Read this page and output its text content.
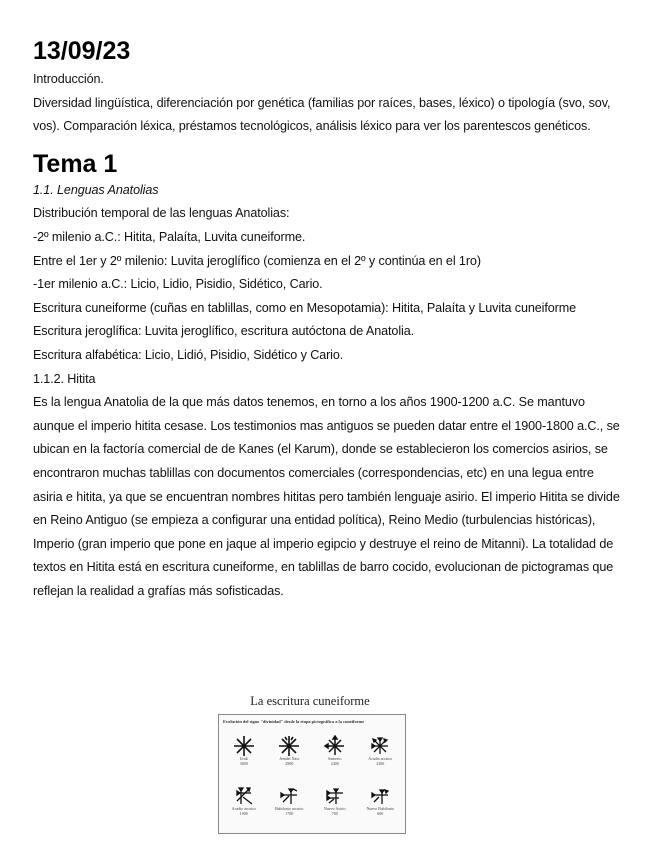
13/09/23

Introducción.

Diversidad lingüística, diferenciación por genética (familias por raíces, bases, léxico) o tipología (svo, sov, vos). Comparación léxica, préstamos tecnológicos, análisis léxico para ver los parentescos genéticos.

Tema 1

1.1. Lenguas Anatolias

Distribución temporal de las lenguas Anatolias:

-2º milenio a.C.: Hitita, Palaíta, Luvita cuneiforme.

Entre el 1er y 2º milenio: Luvita jeroglífico (comienza en el 2º y continúa en el 1ro)

-1er milenio a.C.: Licio, Lidio, Pisidio, Sidético, Cario.

Escritura cuneiforme (cuñas en tablillas, como en Mesopotamia): Hitita, Palaíta y Luvita cuneiforme

Escritura jeroglífica: Luvita jeroglífico, escritura autóctona de Anatolia.

Escritura alfabética: Licio, Lidió, Pisidio, Sidético y Cario.

1.1.2. Hitita

Es la lengua Anatolia de la que más datos tenemos, en torno a los años 1900-1200 a.C. Se mantuvo aunque el imperio hitita cesase. Los testimonios mas antiguos se pueden datar entre el 1900-1800 a.C., se ubican en la factoría comercial de de Kanes (el Karum), donde se establecieron los comercios asirios, se encontraron muchas tablillas con documentos comerciales (correspondencias, etc) en una legua entre asiria e hitita, ya que se encuentran nombres hititas pero también lenguaje asirio. El imperio Hitita se divide en Reino Antiguo (se empieza a configurar una entidad política), Reino Medio (turbulencias históricas), Imperio (gran imperio que pone en jaque al imperio egipcio y destruye el reino de Mitanni). La totalidad de textos en Hitita está en escritura cuneiforme, en tablillas de barro cocido, evolucionan de pictogramas que reflejan la realidad a grafías más sofisticadas.

La escritura cuneiforme
Evolución del signo "divinidad" desde la etapa pictográfica a la cuneiforme
Uruk
3000
Jemdet Nasr
2900
Sumerio
2400
Acadio arcaico
2300
Acadio arcaico
1900
Babilonio arcaico
1700
Nuevo Asirio
700
Nuevo Babilonio
600
